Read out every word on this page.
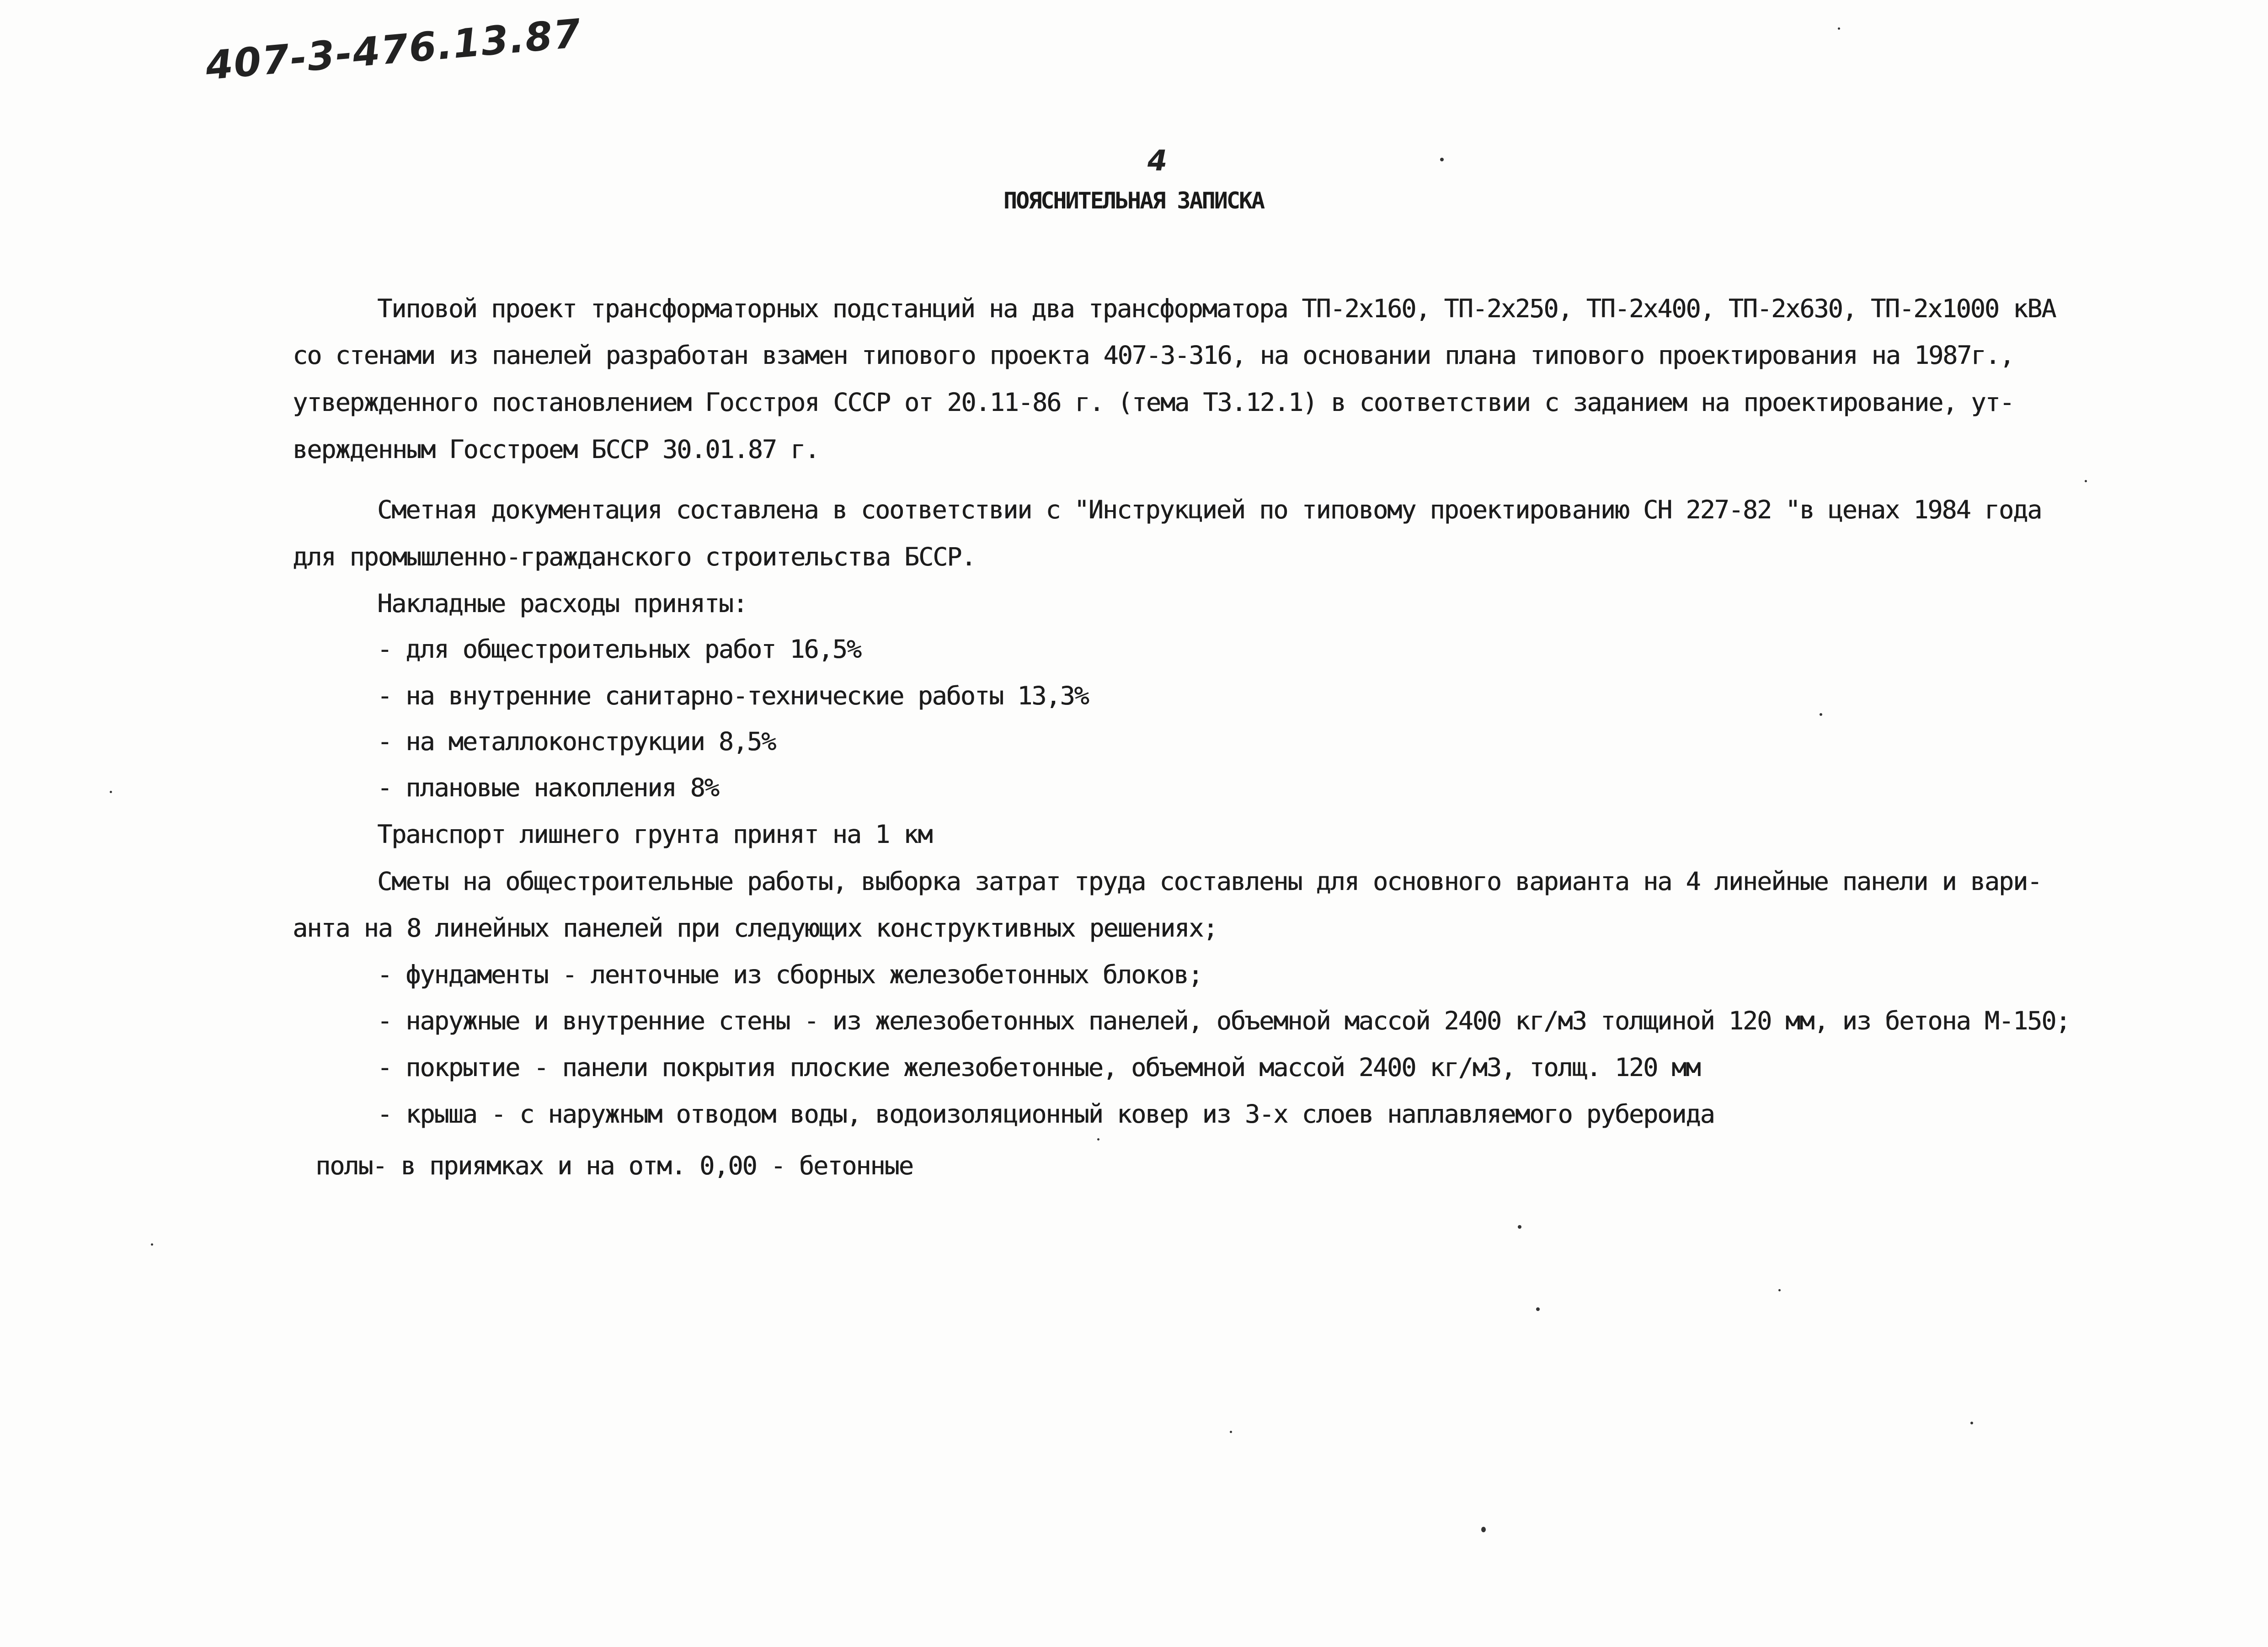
407-3-476.13.87
4
ПОЯСНИТЕЛЬНАЯ ЗАПИСКА
Типовой проект трансформаторных подстанций на два трансформатора ТП-2х160, ТП-2х250, ТП-2х400, ТП-2х630, ТП-2х1000 кВА
со стенами из панелей разработан взамен типового проекта 407-3-316, на основании плана типового проектирования на 1987г.,
утвержденного постановлением Госстроя СССР от 20.11-86 г. (тема Т3.12.1) в соответствии с заданием на проектирование, ут-
вержденным Госстроем БССР 30.01.87 г.
Сметная документация составлена в соответствии с "Инструкцией по типовому проектированию СН 227-82 "в ценах 1984 года
для промышленно-гражданского строительства БССР.
Накладные расходы приняты:
- для общестроительных работ 16,5%
- на внутренние санитарно-технические работы 13,3%
- на металлоконструкции 8,5%
- плановые накопления 8%
Транспорт лишнего грунта принят на 1 км
Сметы на общестроительные работы, выборка затрат труда составлены для основного варианта на 4 линейные панели и вари-
анта на 8 линейных панелей при следующих конструктивных решениях;
- фундаменты - ленточные из сборных железобетонных блоков;
- наружные и внутренние стены - из железобетонных панелей, объемной массой 2400 кг/м3 толщиной 120 мм, из бетона М-150;
- покрытие - панели покрытия плоские железобетонные, объемной массой 2400 кг/м3, толщ. 120 мм
- крыша - с наружным отводом воды, водоизоляционный ковер из 3-х слоев наплавляемого рубероида
полы- в приямках и на отм. 0,00 - бетонные
